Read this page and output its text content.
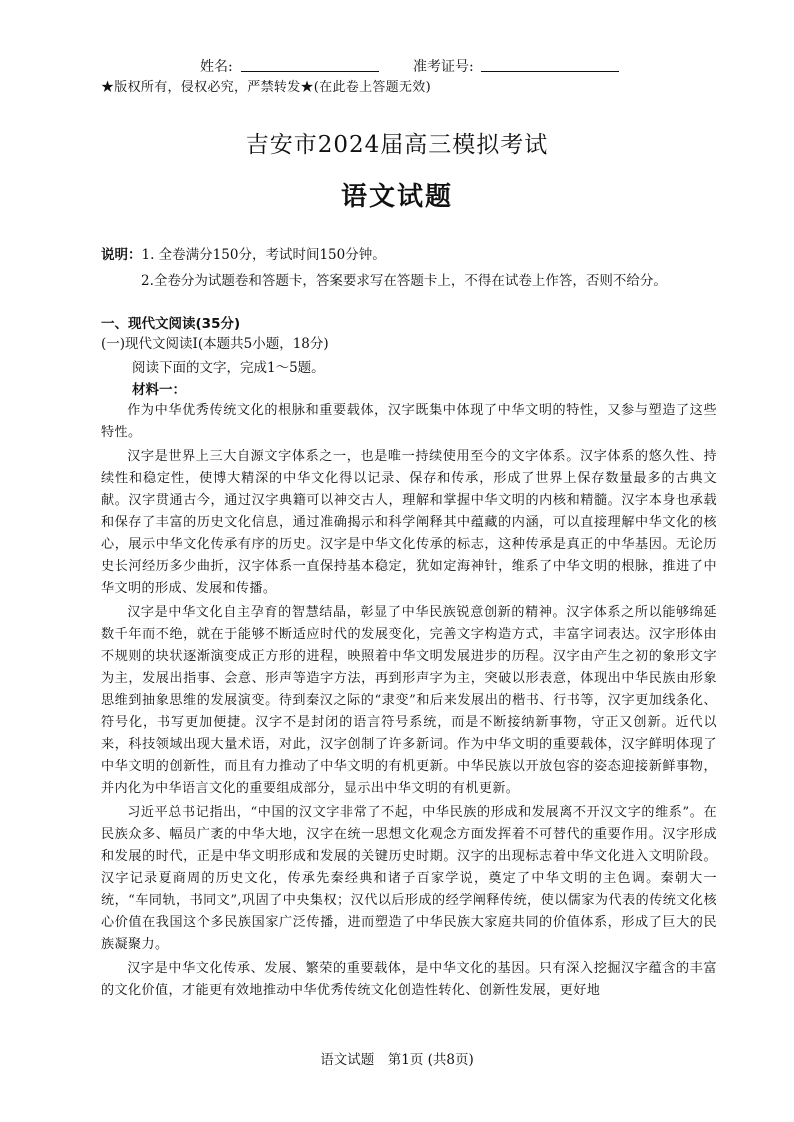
姓名:	准考证号:
★版权所有，侵权必究，严禁转发★(在此卷上答题无效)
吉安市2024届高三模拟考试
语文试题
说明：1. 全卷满分150分，考试时间150分钟。
2.全卷分为试题卷和答题卡，答案要求写在答题卡上，不得在试卷上作答，否则不给分。
一、现代文阅读(35分)
(一)现代文阅读I(本题共5小题，18分)
阅读下面的文字，完成1～5题。
材料一：

作为中华优秀传统文化的根脉和重要载体，汉字既集中体现了中华文明的特性，又参与塑造了这些特性。

汉字是世界上三大自源文字体系之一，也是唯一持续使用至今的文字体系。汉字体系的悠久性、持续性和稳定性，使博大精深的中华文化得以记录、保存和传承，形成了世界上保存数量最多的古典文献。汉字贯通古今，通过汉字典籍可以神交古人，理解和掌握中华文明的内核和精髓。汉字本身也承载和保存了丰富的历史文化信息，通过准确揭示和科学阐释其中蕴藏的内涵，可以直接理解中华文化的核心，展示中华文化传承有序的历史。汉字是中华文化传承的标志，这种传承是真正的中华基因。无论历史长河经历多少曲折，汉字体系一直保持基本稳定，犹如定海神针，维系了中华文明的根脉，推进了中华文明的形成、发展和传播。

汉字是中华文化自主孕育的智慧结晶，彰显了中华民族锐意创新的精神。汉字体系之所以能够绵延数千年而不绝，就在于能够不断适应时代的发展变化，完善文字构造方式，丰富字词表达。汉字形体由不规则的块状逐渐演变成正方形的进程，映照着中华文明发展进步的历程。汉字由产生之初的象形文字为主，发展出指事、会意、形声等造字方法，再到形声字为主，突破以形表意，体现出中华民族由形象思维到抽象思维的发展演变。待到秦汉之际的“隶变”和后来发展出的楷书、行书等，汉字更加线条化、符号化，书写更加便捷。汉字不是封闭的语言符号系统，而是不断接纳新事物，守正又创新。近代以来，科技领域出现大量术语，对此，汉字创制了许多新词。作为中华文明的重要载体，汉字鲜明体现了中华文明的创新性，而且有力推动了中华文明的有机更新。中华民族以开放包容的姿态迎接新鲜事物，并内化为中华语言文化的重要组成部分，显示出中华文明的有机更新。

习近平总书记指出，“中国的汉文字非常了不起，中华民族的形成和发展离不开汉文字的维系”。在民族众多、幅员广袤的中华大地，汉字在统一思想文化观念方面发挥着不可替代的重要作用。汉字形成和发展的时代，正是中华文明形成和发展的关键历史时期。汉字的出现标志着中华文化进入文明阶段。汉字记录夏商周的历史文化，传承先秦经典和诸子百家学说，奠定了中华文明的主色调。秦朝大一统，“车同轨，书同文”,巩固了中央集权；汉代以后形成的经学阐释传统，使以儒家为代表的传统文化核心价值在我国这个多民族国家广泛传播，进而塑造了中华民族大家庭共同的价值体系，形成了巨大的民族凝聚力。

汉字是中华文化传承、发展、繁荣的重要载体，是中华文化的基因。只有深入挖掘汉字蕴含的丰富的文化价值，才能更有效地推动中华优秀传统文化创造性转化、创新性发展，更好地

语文试题　第1页 (共8页)
